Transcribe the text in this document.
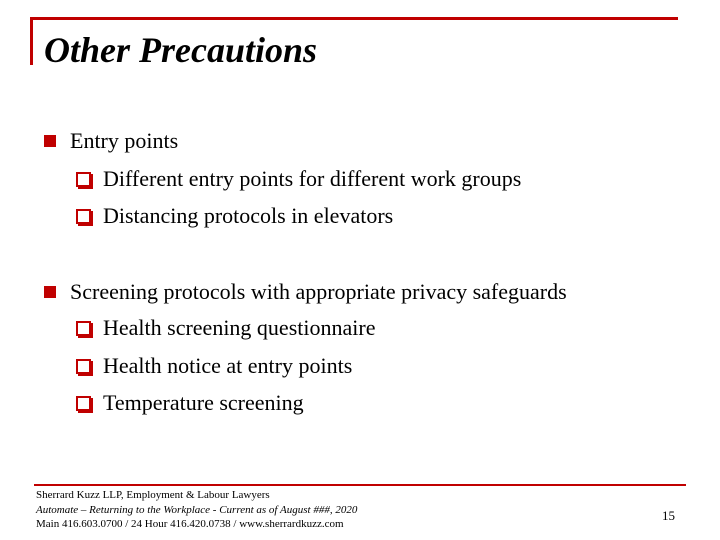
Other Precautions
Entry points
Different entry points for different work groups
Distancing protocols in elevators
Screening protocols with appropriate privacy safeguards
Health screening questionnaire
Health notice at entry points
Temperature screening
Sherrard Kuzz LLP, Employment & Labour Lawyers
Automate – Returning to the Workplace - Current as of August ###, 2020
Main 416.603.0700 / 24 Hour 416.420.0738 / www.sherrardkuzz.com
15
